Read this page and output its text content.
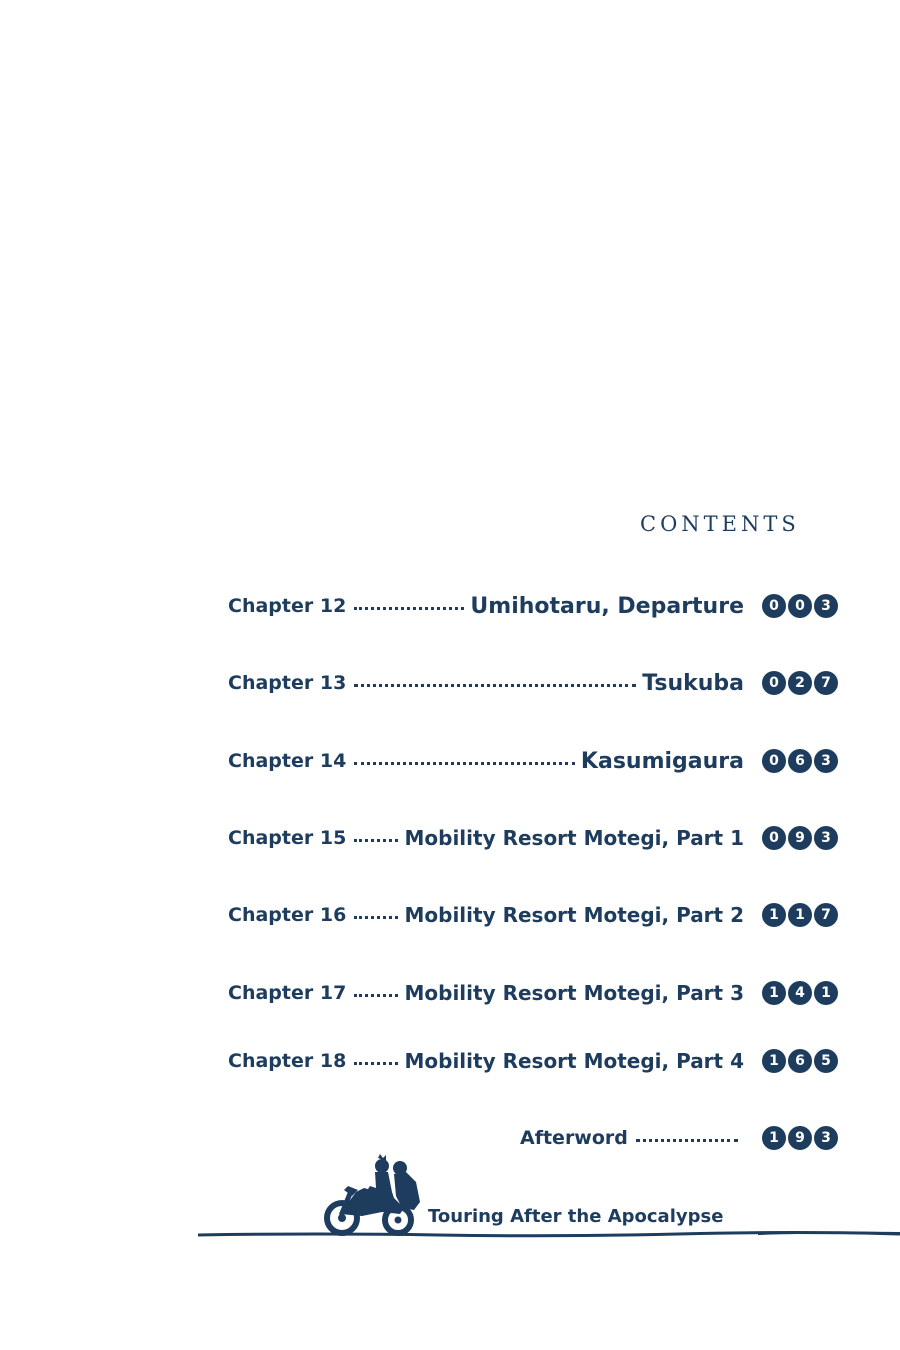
CONTENTS
Chapter 12	Umihotaru, Departure	0	0	3
Chapter 13	Tsukuba	0	2	7
Chapter 14	Kasumigaura	0	6	3
Chapter 15	Mobility Resort Motegi, Part 1	0	9	3
Chapter 16	Mobility Resort Motegi, Part 2	1	1	7
Chapter 17	Mobility Resort Motegi, Part 3	1	4	1
Chapter 18	Mobility Resort Motegi, Part 4	1	6	5
Afterword	1	9	3
Touring After the Apocalypse
